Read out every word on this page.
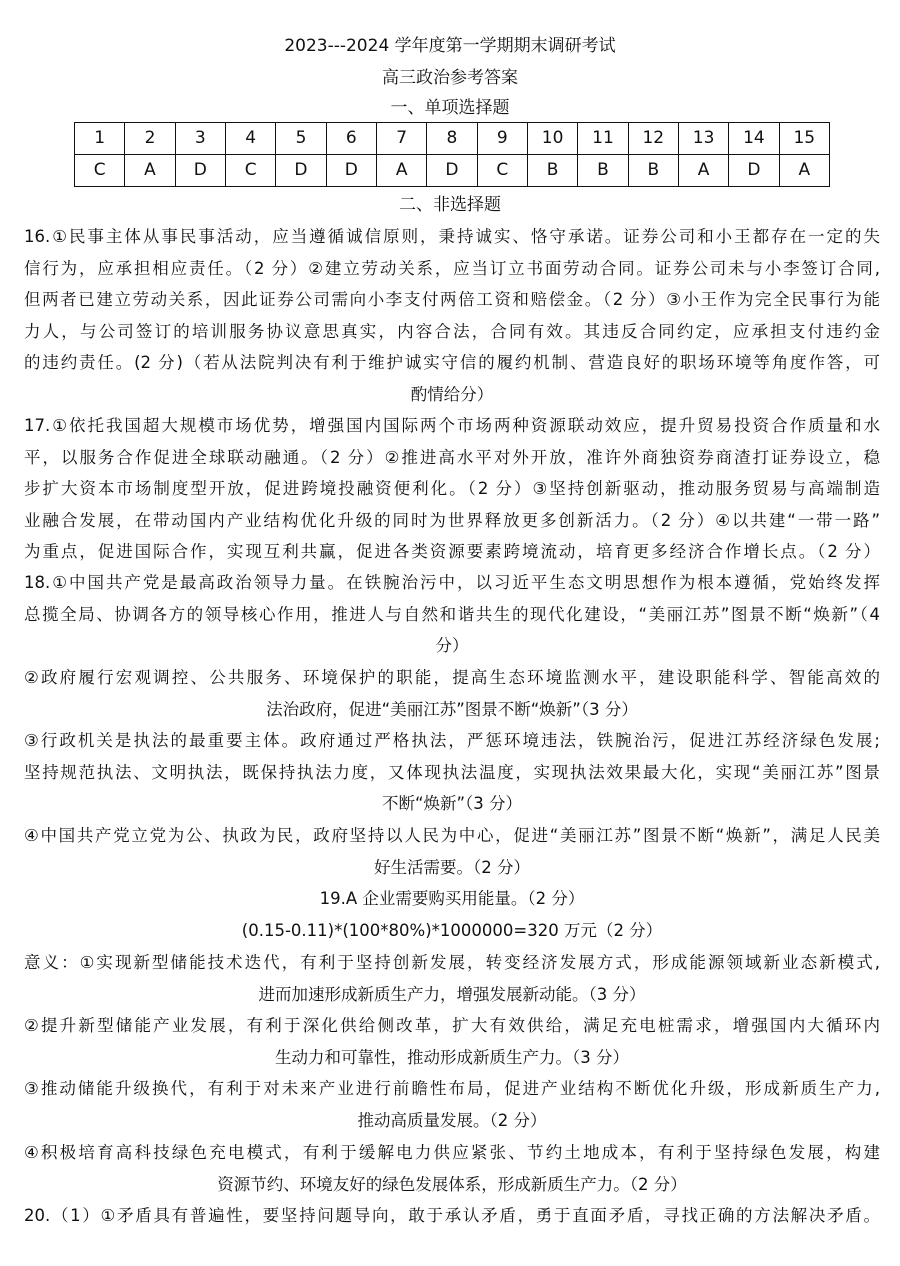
2023---2024 学年度第一学期期末调研考试
高三政治参考答案
一、单项选择题
1	2	3	4	5	6	7	8	9	10	11	12	13	14	15
C	A	D	C	D	D	A	D	C	B	B	B	A	D	A
二、非选择题
16.①民事主体从事民事活动，应当遵循诚信原则，秉持诚实、恪守承诺。证券公司和小王都存在一定的失
信行为，应承担相应责任。（2 分）②建立劳动关系，应当订立书面劳动合同。证券公司未与小李签订合同,
但两者已建立劳动关系，因此证券公司需向小李支付两倍工资和赔偿金。（2 分）③小王作为完全民事行为能
力人，与公司签订的培训服务协议意思真实，内容合法，合同有效。其违反合同约定，应承担支付违约金
的违约责任。(2 分)（若从法院判决有利于维护诚实守信的履约机制、营造良好的职场环境等角度作答，可
酌情给分）
17.①依托我国超大规模市场优势，增强国内国际两个市场两种资源联动效应，提升贸易投资合作质量和水
平，以服务合作促进全球联动融通。（2 分）②推进高水平对外开放，准许外商独资券商渣打证券设立，稳
步扩大资本市场制度型开放，促进跨境投融资便利化。（2 分）③坚持创新驱动，推动服务贸易与高端制造
业融合发展，在带动国内产业结构优化升级的同时为世界释放更多创新活力。（2 分）④以共建“一带一路”
为重点，促进国际合作，实现互利共赢，促进各类资源要素跨境流动，培育更多经济合作增长点。（2 分）
18.①中国共产党是最高政治领导力量。在铁腕治污中，以习近平生态文明思想作为根本遵循，党始终发挥
总揽全局、协调各方的领导核心作用，推进人与自然和谐共生的现代化建设，“美丽江苏”图景不断“焕新”（4
分）
②政府履行宏观调控、公共服务、环境保护的职能，提高生态环境监测水平，建设职能科学、智能高效的
法治政府，促进“美丽江苏”图景不断“焕新”（3 分）
③行政机关是执法的最重要主体。政府通过严格执法，严惩环境违法，铁腕治污，促进江苏经济绿色发展;
坚持规范执法、文明执法，既保持执法力度，又体现执法温度，实现执法效果最大化，实现“美丽江苏”图景
不断“焕新”（3 分）
④中国共产党立党为公、执政为民，政府坚持以人民为中心，促进“美丽江苏”图景不断“焕新”，满足人民美
好生活需要。（2 分）
19.A 企业需要购买用能量。（2 分）
(0.15-0.11)*(100*80%)*1000000=320 万元（2 分）
意义：①实现新型储能技术迭代，有利于坚持创新发展，转变经济发展方式，形成能源领域新业态新模式,
进而加速形成新质生产力，增强发展新动能。（3 分）
②提升新型储能产业发展，有利于深化供给侧改革，扩大有效供给，满足充电桩需求，增强国内大循环内
生动力和可靠性，推动形成新质生产力。（3 分）
③推动储能升级换代，有利于对未来产业进行前瞻性布局，促进产业结构不断优化升级，形成新质生产力,
推动高质量发展。（2 分）
④积极培育高科技绿色充电模式，有利于缓解电力供应紧张、节约土地成本，有利于坚持绿色发展，构建
资源节约、环境友好的绿色发展体系，形成新质生产力。（2 分）
20.（1）①矛盾具有普遍性，要坚持问题导向，敢于承认矛盾，勇于直面矛盾，寻找正确的方法解决矛盾。
